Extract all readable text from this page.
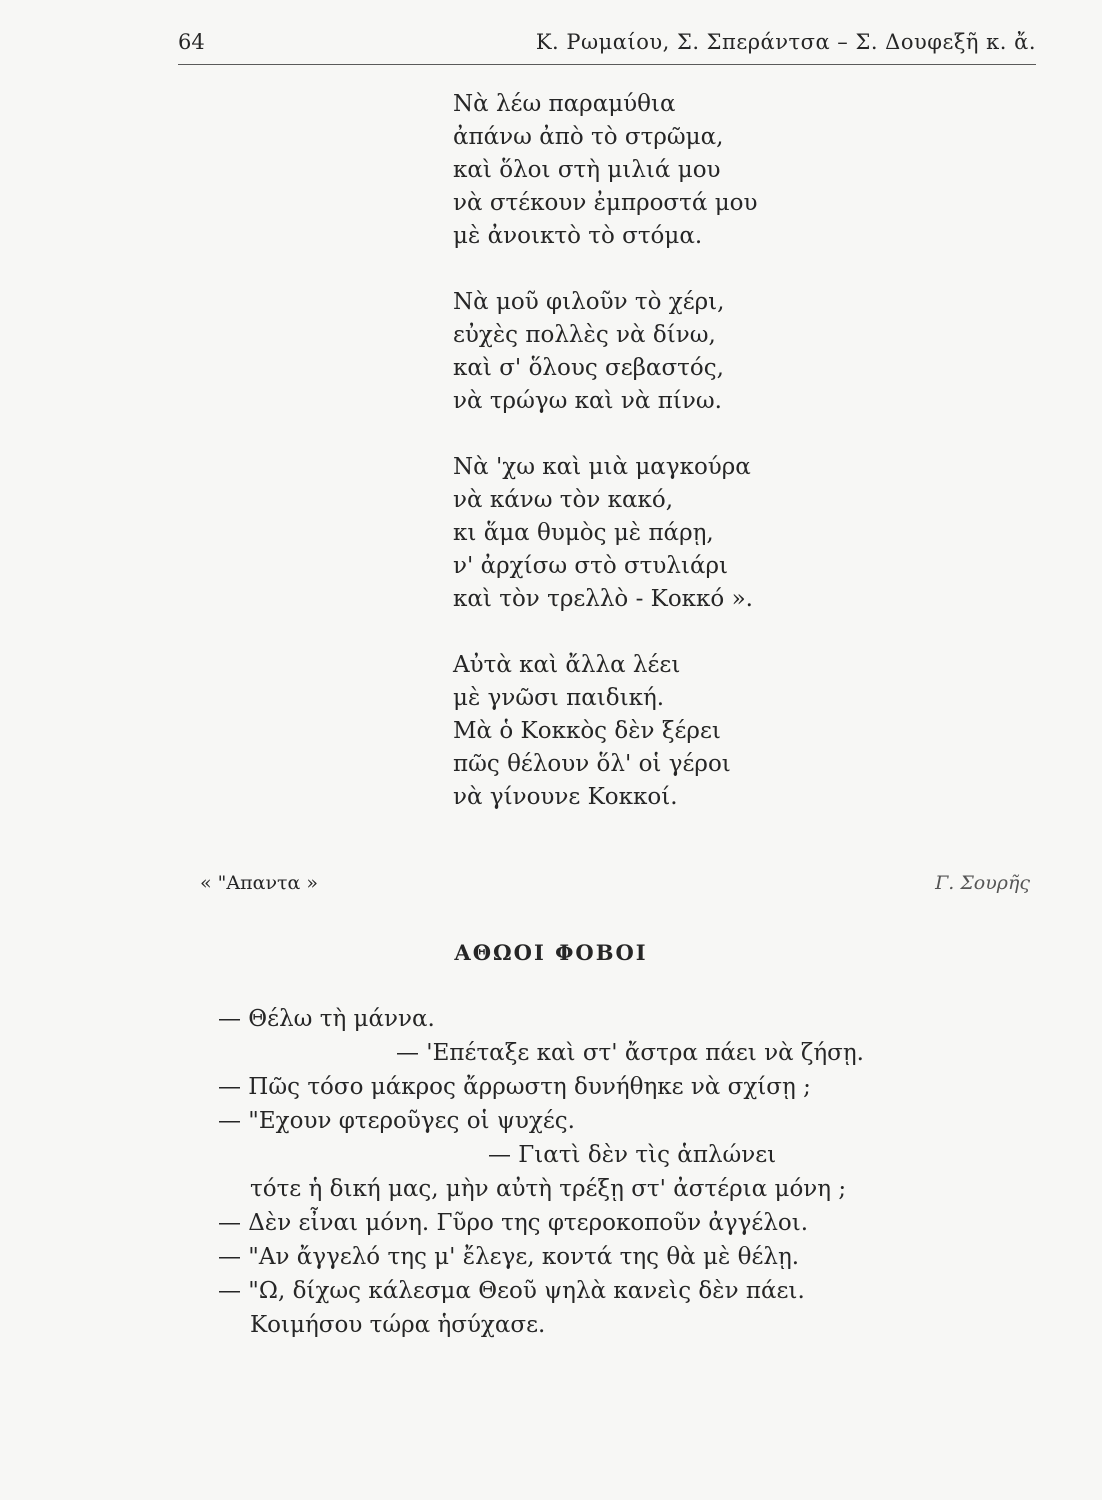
64	Κ. Ρωμαίου, Σ. Σπεράντσα – Σ. Δουφεξῆ κ. ἄ.
Νὰ λέω παραμύθια
ἀπάνω ἀπὸ τὸ στρῶμα,
καὶ ὅλοι στὴ μιλιά μου
νὰ στέκουν ἐμπροστά μου
μὲ ἀνοικτὸ τὸ στόμα.
Νὰ μοῦ φιλοῦν τὸ χέρι,
εὐχὲς πολλὲς νὰ δίνω,
καὶ σ' ὅλους σεβαστός,
νὰ τρώγω καὶ νὰ πίνω.
Νὰ 'χω καὶ μιὰ μαγκούρα
νὰ κάνω τὸν κακό,
κι ἅμα θυμὸς μὲ πάρῃ,
ν' ἀρχίσω στὸ στυλιάρι
καὶ τὸν τρελλὸ - Κοκκό ».
Αὐτὰ καὶ ἄλλα λέει
μὲ γνῶσι παιδική.
Μὰ ὁ Κοκκὸς δὲν ξέρει
πῶς θέλουν ὅλ' οἱ γέροι
νὰ γίνουνε Κοκκοί.
« "Απαντα »	Γ. Σουρῆς
ΑΘΩΟΙ ΦΟΒΟΙ
— Θέλω τὴ μάννα.
— 'Επέταξε καὶ στ' ἄστρα πάει νὰ ζήσῃ.
— Πῶς τόσο μάκρος ἄρρωστη δυνήθηκε νὰ σχίσῃ ;
— "Εχουν φτεροῦγες οἱ ψυχές.
— Γιατὶ δὲν τὶς ἁπλώνει
τότε ἡ δική μας, μὴν αὐτὴ τρέξῃ στ' ἀστέρια μόνη ;
— Δὲν εἶναι μόνη. Γῦρο της φτεροκοποῦν ἀγγέλοι.
— "Αν ἄγγελό της μ' ἔλεγε, κοντά της θὰ μὲ θέλῃ.
— "Ω, δίχως κάλεσμα Θεοῦ ψηλὰ κανεὶς δὲν πάει.
Κοιμήσου τώρα ἡσύχασε.
